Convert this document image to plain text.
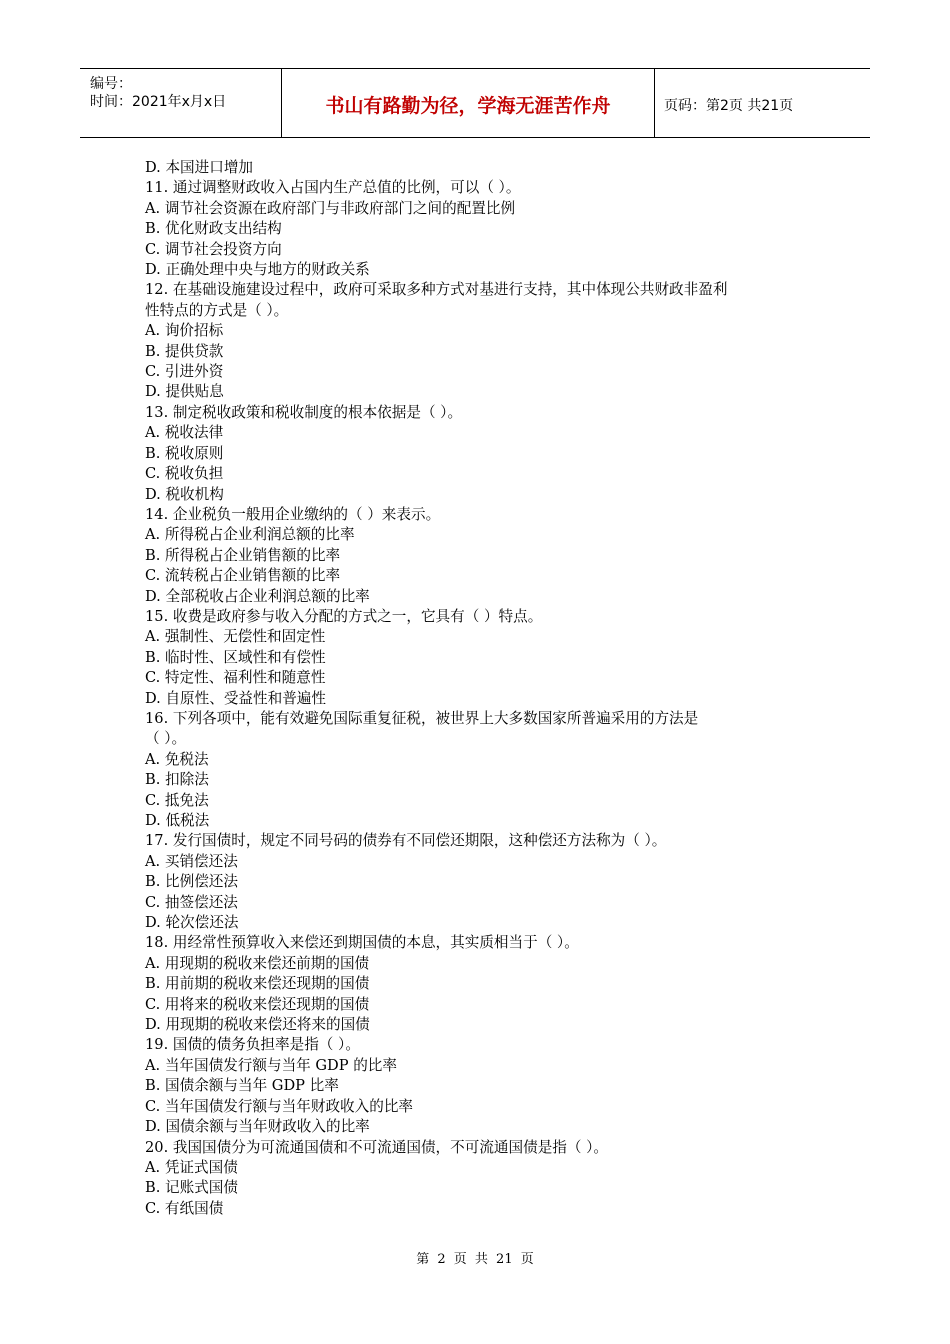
编号：
时间：2021年x月x日	书山有路勤为径，学海无涯苦作舟	页码：第2页 共21页
D. 本国进口增加
11. 通过调整财政收入占国内生产总值的比例，可以（ ）。
A. 调节社会资源在政府部门与非政府部门之间的配置比例
B. 优化财政支出结构
C. 调节社会投资方向
D. 正确处理中央与地方的财政关系
12. 在基础设施建设过程中，政府可采取多种方式对基进行支持，其中体现公共财政非盈利
性特点的方式是（ ）。
A. 询价招标
B. 提供贷款
C. 引进外资
D. 提供贴息
13. 制定税收政策和税收制度的根本依据是（ ）。
A. 税收法律
B. 税收原则
C. 税收负担
D. 税收机构
14. 企业税负一般用企业缴纳的（ ）来表示。
A. 所得税占企业利润总额的比率
B. 所得税占企业销售额的比率
C. 流转税占企业销售额的比率
D. 全部税收占企业利润总额的比率
15. 收费是政府参与收入分配的方式之一，它具有（ ）特点。
A. 强制性、无偿性和固定性
B. 临时性、区域性和有偿性
C. 特定性、福利性和随意性
D. 自原性、受益性和普遍性
16. 下列各项中，能有效避免国际重复征税，被世界上大多数国家所普遍采用的方法是
（ ）。
A. 免税法
B. 扣除法
C. 抵免法
D. 低税法
17. 发行国债时，规定不同号码的债券有不同偿还期限，这种偿还方法称为（ ）。
A. 买销偿还法
B. 比例偿还法
C. 抽签偿还法
D. 轮次偿还法
18. 用经常性预算收入来偿还到期国债的本息，其实质相当于（ ）。
A. 用现期的税收来偿还前期的国债
B. 用前期的税收来偿还现期的国债
C. 用将来的税收来偿还现期的国债
D. 用现期的税收来偿还将来的国债
19. 国债的债务负担率是指（ ）。
A. 当年国债发行额与当年 GDP 的比率
B. 国债余额与当年 GDP 比率
C. 当年国债发行额与当年财政收入的比率
D. 国债余额与当年财政收入的比率
20. 我国国债分为可流通国债和不可流通国债，不可流通国债是指（ ）。
A. 凭证式国债
B. 记账式国债
C. 有纸国债
第 2 页 共 21 页
